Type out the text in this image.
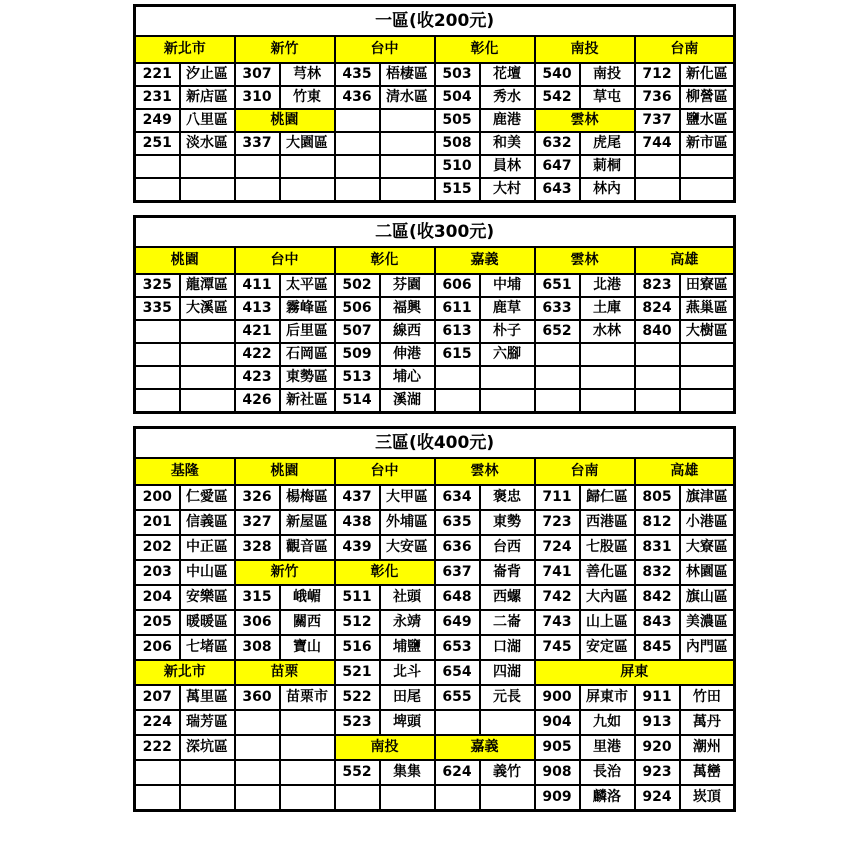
一區(收200元)											
新北市		新竹		台中		彰化		南投		台南	
221	汐止區	307	芎林	435	梧棲區	503	花壇	540	南投	712	新化區
231	新店區	310	竹東	436	清水區	504	秀水	542	草屯	736	柳營區
249	八里區	桃園				505	鹿港	雲林		737	鹽水區
251	淡水區	337	大園區			508	和美	632	虎尾	744	新市區
						510	員林	647	莿桐		
						515	大村	643	林內		
二區(收300元)											
桃園		台中		彰化		嘉義		雲林		高雄	
325	龍潭區	411	太平區	502	芬園	606	中埔	651	北港	823	田寮區
335	大溪區	413	霧峰區	506	福興	611	鹿草	633	土庫	824	燕巢區
		421	后里區	507	線西	613	朴子	652	水林	840	大樹區
		422	石岡區	509	伸港	615	六腳				
		423	東勢區	513	埔心						
		426	新社區	514	溪湖						
三區(收400元)											
基隆		桃園		台中		雲林		台南		高雄	
200	仁愛區	326	楊梅區	437	大甲區	634	褒忠	711	歸仁區	805	旗津區
201	信義區	327	新屋區	438	外埔區	635	東勢	723	西港區	812	小港區
202	中正區	328	觀音區	439	大安區	636	台西	724	七股區	831	大寮區
203	中山區	新竹		彰化		637	崙背	741	善化區	832	林園區
204	安樂區	315	峨嵋	511	社頭	648	西螺	742	大內區	842	旗山區
205	暖暖區	306	關西	512	永靖	649	二崙	743	山上區	843	美濃區
206	七堵區	308	寶山	516	埔鹽	653	口湖	745	安定區	845	內門區
新北市		苗栗		521	北斗	654	四湖	屏東			
207	萬里區	360	苗栗市	522	田尾	655	元長	900	屏東市	911	竹田
224	瑞芳區			523	埤頭			904	九如	913	萬丹
222	深坑區			南投		嘉義		905	里港	920	潮州
				552	集集	624	義竹	908	長治	923	萬巒
								909	麟洛	924	崁頂
